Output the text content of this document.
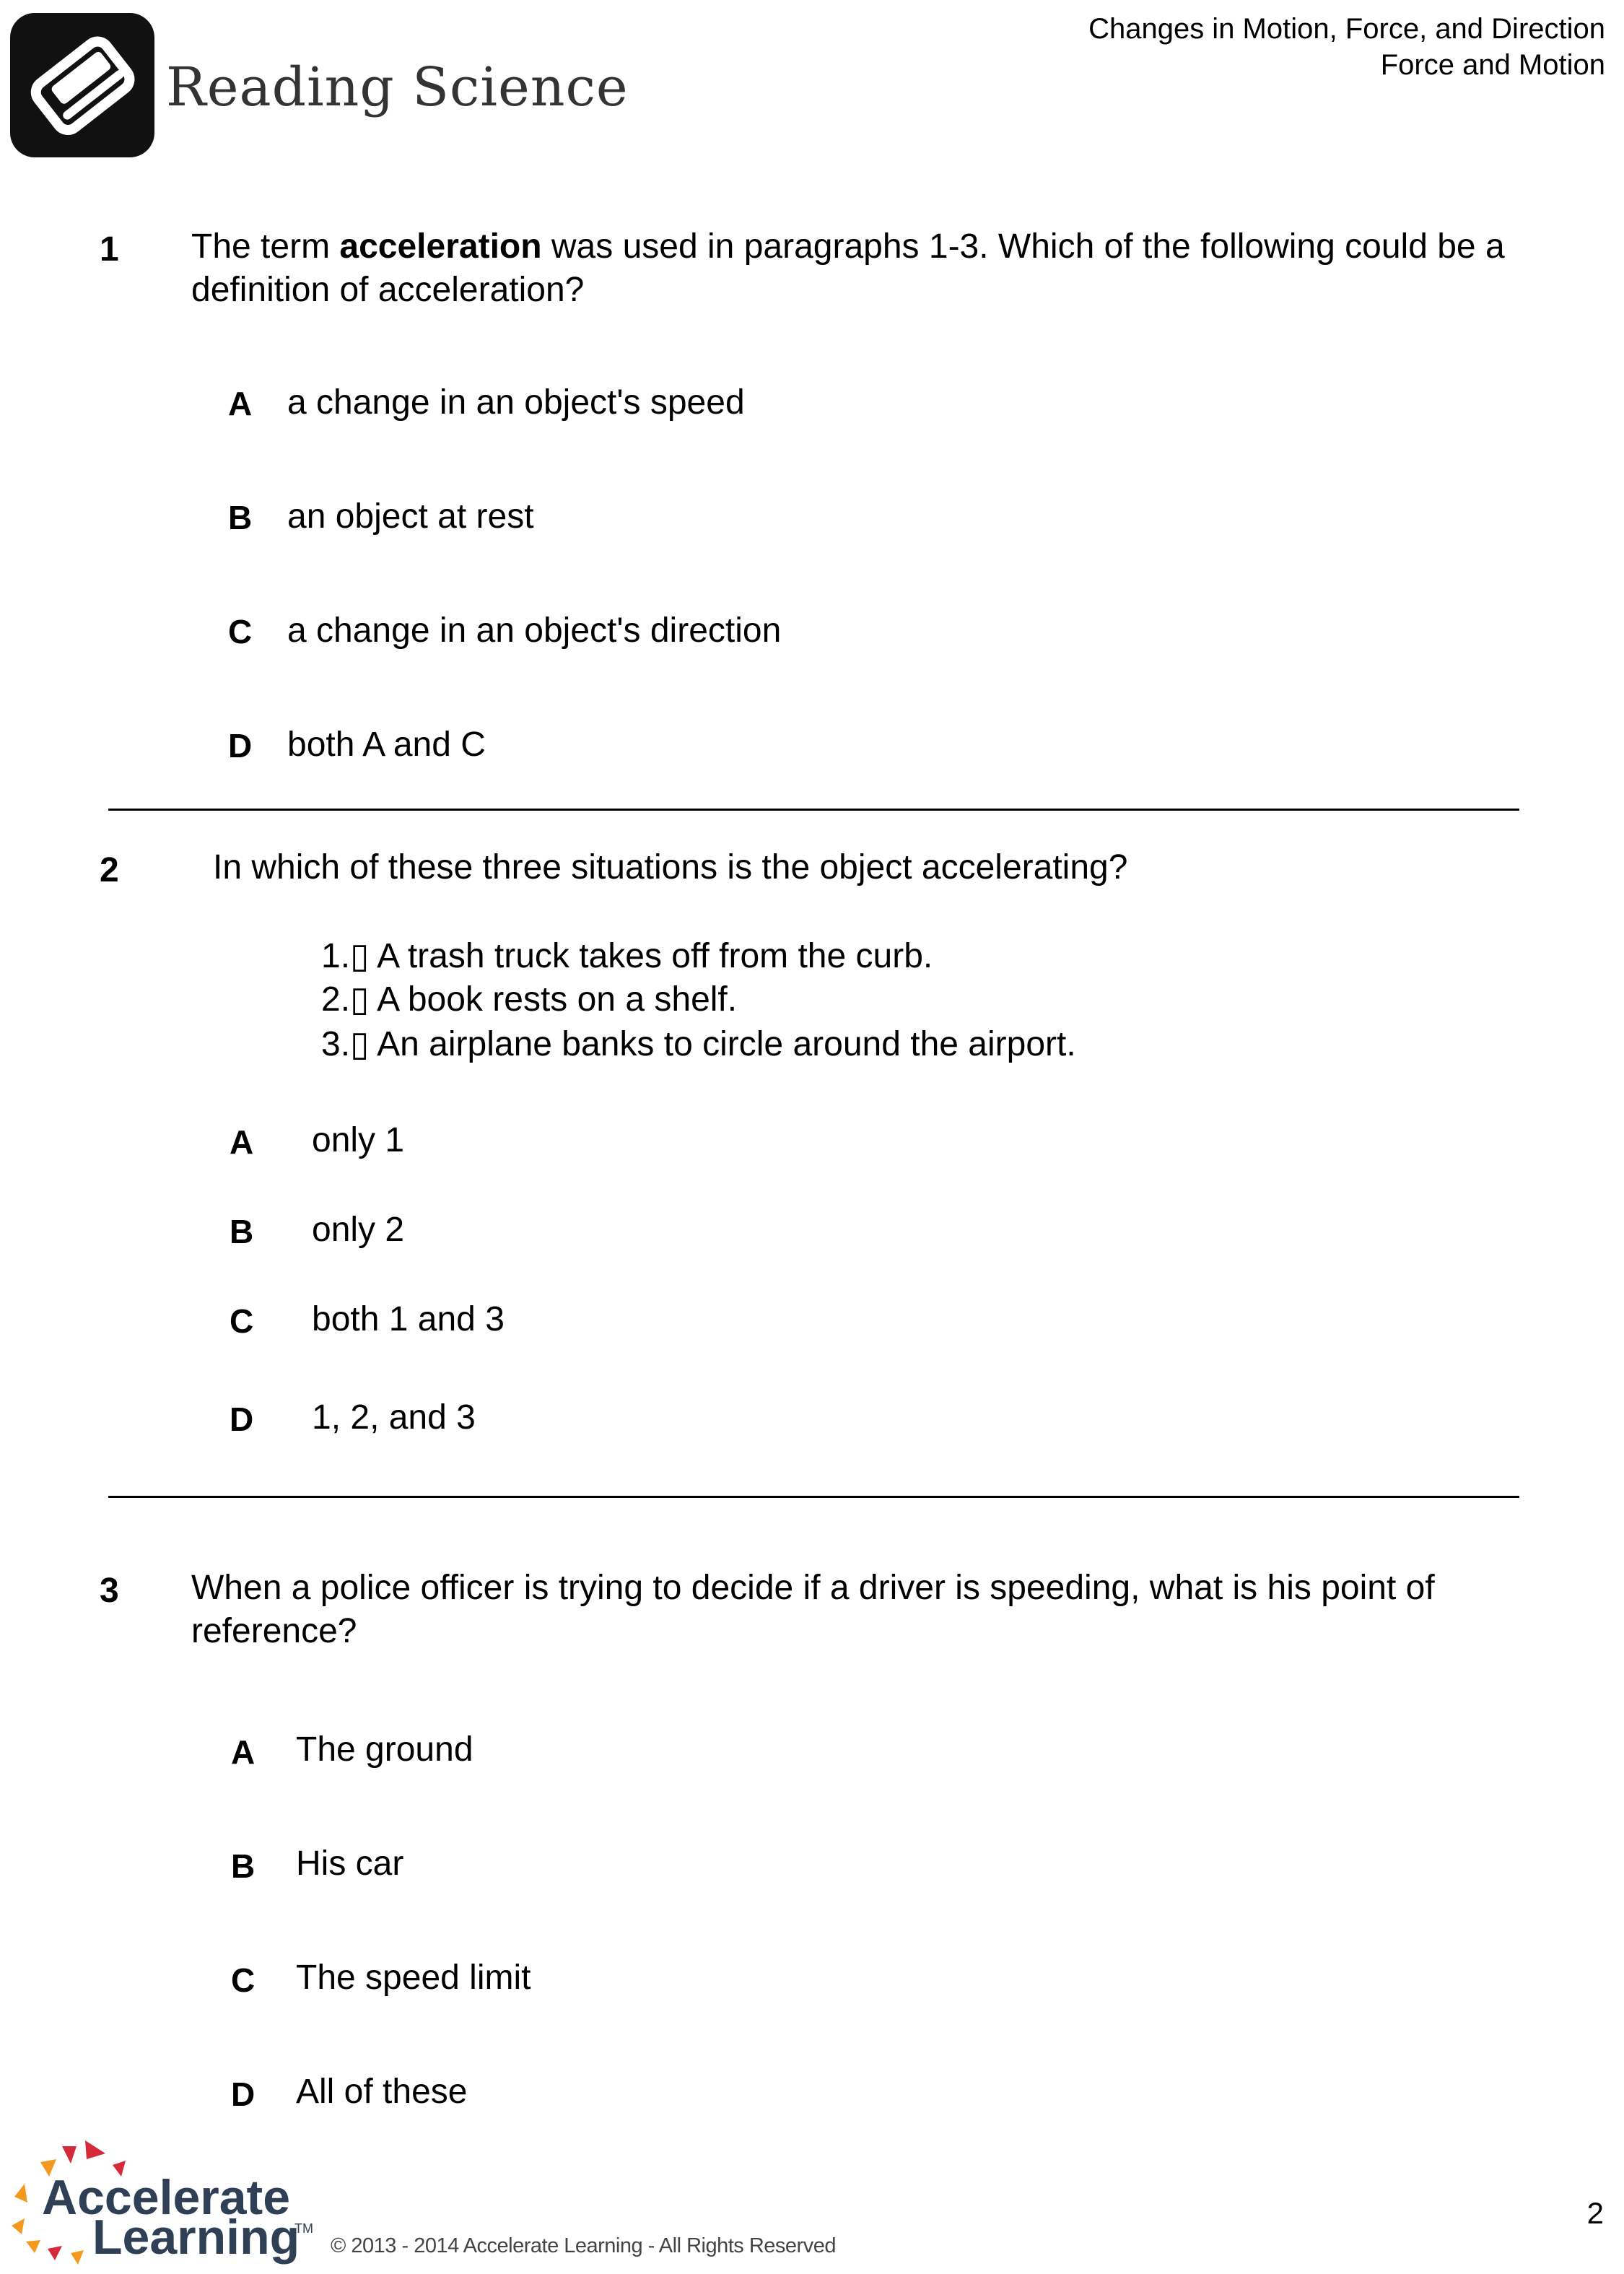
Reading Science
Changes in Motion, Force, and Direction
Force and Motion
1 The term acceleration was used in paragraphs 1-3. Which of the following could be a
definition of acceleration?
A a change in an object's speed
B an object at rest
C a change in an object's direction
D both A and C
2	In which of these three situations is the object accelerating?
1.▯ A trash truck takes off from the curb.
2.▯ A book rests on a shelf.
3.▯ An airplane banks to circle around the airport.
A only 1
B only 2
C both 1 and 3
D 1, 2, and 3
3 When a police officer is trying to decide if a driver is speeding, what is his point of
reference?
A The ground
B His car
C The speed limit
D All of these
Accelerate
Learning
TM
© 2013 - 2014 Accelerate Learning - All Rights Reserved
2
